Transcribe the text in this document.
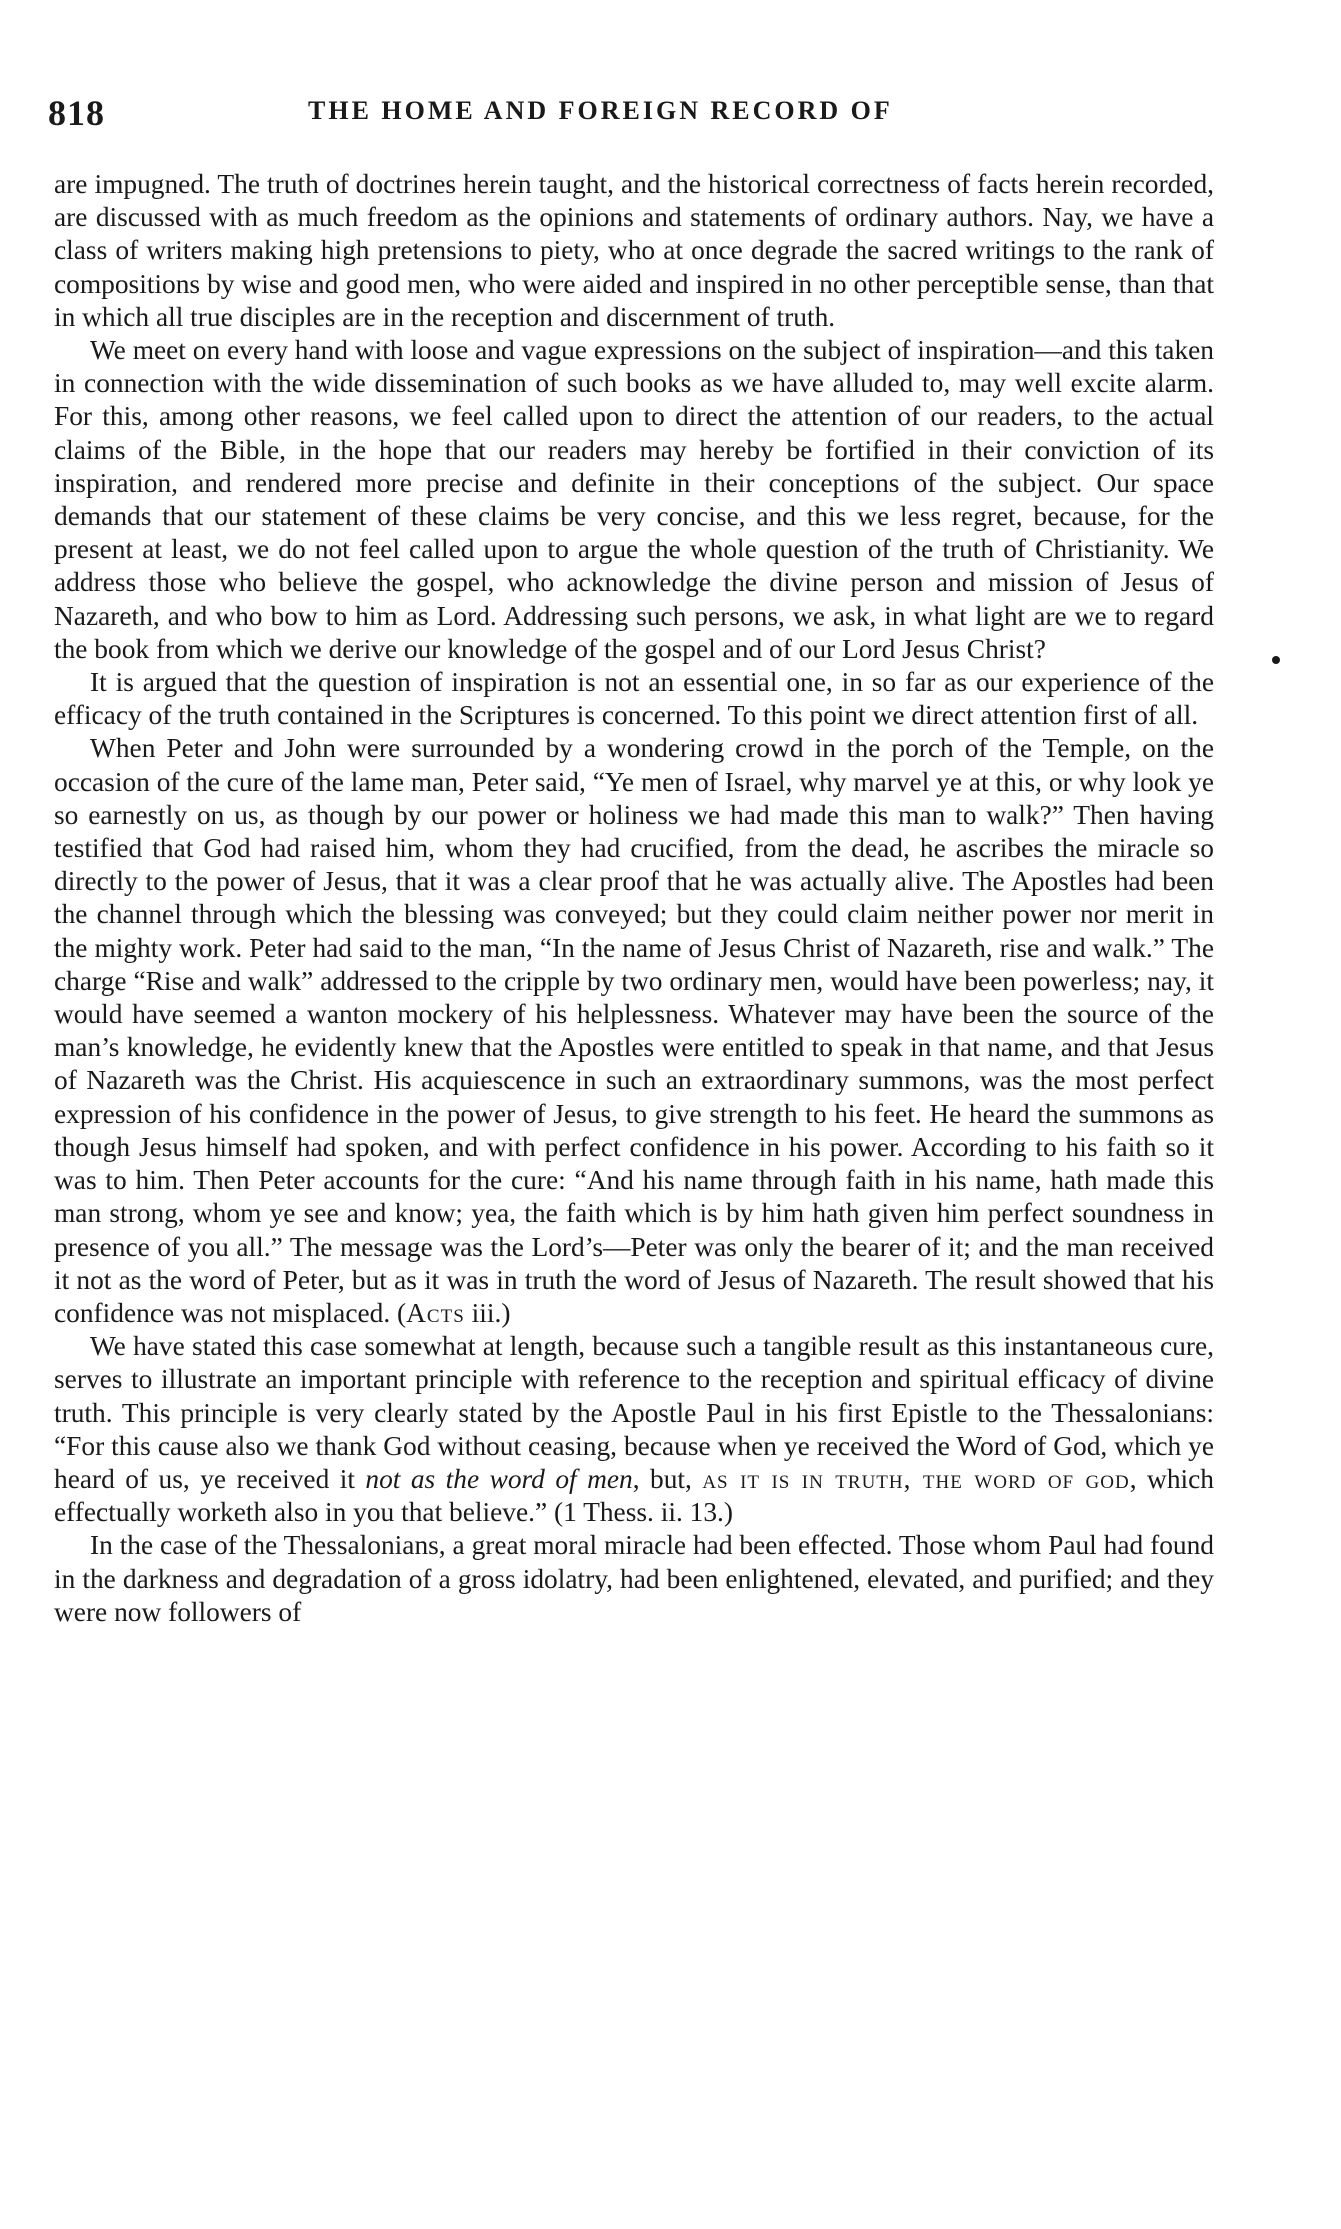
818	THE HOME AND FOREIGN RECORD OF

are impugned. The truth of doctrines herein taught, and the historical correctness of facts herein recorded, are discussed with as much freedom as the opinions and statements of ordinary authors. Nay, we have a class of writers making high pretensions to piety, who at once degrade the sacred writings to the rank of compositions by wise and good men, who were aided and inspired in no other perceptible sense, than that in which all true disciples are in the reception and discernment of truth.

We meet on every hand with loose and vague expressions on the subject of inspiration—and this taken in connection with the wide dissemination of such books as we have alluded to, may well excite alarm. For this, among other reasons, we feel called upon to direct the attention of our readers, to the actual claims of the Bible, in the hope that our readers may hereby be fortified in their conviction of its inspiration, and rendered more precise and definite in their conceptions of the subject. Our space demands that our statement of these claims be very concise, and this we less regret, because, for the present at least, we do not feel called upon to argue the whole question of the truth of Christianity. We address those who believe the gospel, who acknowledge the divine person and mission of Jesus of Nazareth, and who bow to him as Lord. Addressing such persons, we ask, in what light are we to regard the book from which we derive our knowledge of the gospel and of our Lord Jesus Christ?

It is argued that the question of inspiration is not an essential one, in so far as our experience of the efficacy of the truth contained in the Scriptures is concerned. To this point we direct attention first of all.

When Peter and John were surrounded by a wondering crowd in the porch of the Temple, on the occasion of the cure of the lame man, Peter said, “Ye men of Israel, why marvel ye at this, or why look ye so earnestly on us, as though by our power or holiness we had made this man to walk?” Then having testified that God had raised him, whom they had crucified, from the dead, he ascribes the miracle so directly to the power of Jesus, that it was a clear proof that he was actually alive. The Apostles had been the channel through which the blessing was conveyed; but they could claim neither power nor merit in the mighty work. Peter had said to the man, “In the name of Jesus Christ of Nazareth, rise and walk.” The charge “Rise and walk” addressed to the cripple by two ordinary men, would have been powerless; nay, it would have seemed a wanton mockery of his helplessness. Whatever may have been the source of the man’s knowledge, he evidently knew that the Apostles were entitled to speak in that name, and that Jesus of Nazareth was the Christ. His acquiescence in such an extraordinary summons, was the most perfect expression of his confidence in the power of Jesus, to give strength to his feet. He heard the summons as though Jesus himself had spoken, and with perfect confidence in his power. According to his faith so it was to him. Then Peter accounts for the cure: “And his name through faith in his name, hath made this man strong, whom ye see and know; yea, the faith which is by him hath given him perfect soundness in presence of you all.” The message was the Lord’s—Peter was only the bearer of it; and the man received it not as the word of Peter, but as it was in truth the word of Jesus of Nazareth. The result showed that his confidence was not misplaced. (Acts iii.)

We have stated this case somewhat at length, because such a tangible result as this instantaneous cure, serves to illustrate an important principle with reference to the reception and spiritual efficacy of divine truth. This principle is very clearly stated by the Apostle Paul in his first Epistle to the Thessalonians: “For this cause also we thank God without ceasing, because when ye received the Word of God, which ye heard of us, ye received it not as the word of men, but, as it is in truth, the word of god, which effectually worketh also in you that believe.” (1 Thess. ii. 13.)

In the case of the Thessalonians, a great moral miracle had been effected. Those whom Paul had found in the darkness and degradation of a gross idolatry, had been enlightened, elevated, and purified; and they were now followers of
